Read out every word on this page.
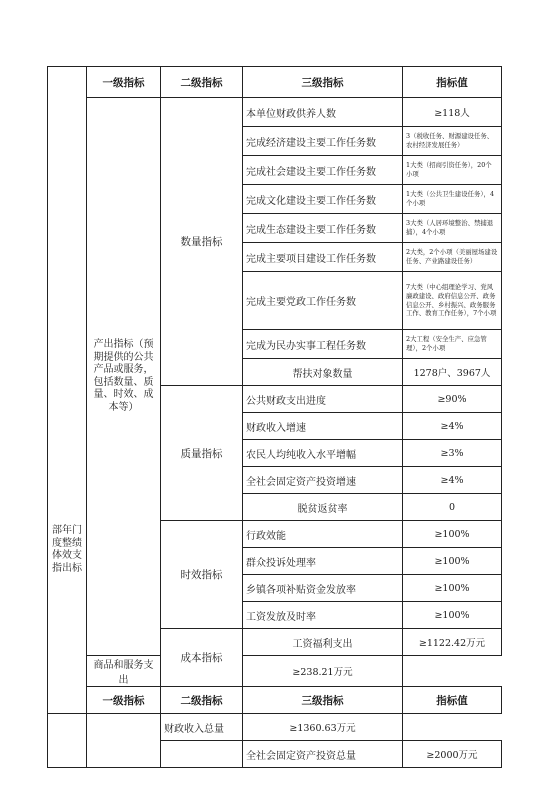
部年门度整绩体效支指出标	一级指标	二级指标	三级指标	指标值
	产出指标（预期提供的公共产品或服务，包括数量、质量、时效、成本等）	数量指标	本单位财政供养人数	≥118人
			完成经济建设主要工作任务数	3（税收任务、财源建设任务、农村经济发展任务）
			完成社会建设主要工作任务数	1大类（招商引资任务），20个小项
			完成文化建设主要工作任务数	1大类（公共卫生建设任务），4个小项
			完成生态建设主要工作任务数	3大类（人居环境整治、禁捕退捕），4个小项
			完成主要项目建设工作任务数	2大类，2个小项（美丽屋场建设任务、产业路建设任务）
			完成主要党政工作任务数	7大类（中心组理论学习、党风廉政建设、政府信息公开、政务信息公开、乡村振兴、政务服务工作、教育工作任务），7个小项
			完成为民办实事工程任务数	2大工程（安全生产、应急管理），2个小项
			帮扶对象数量	1278户、3967人
		质量指标	公共财政支出进度	≥90%
			财政收入增速	≥4%
			农民人均纯收入水平增幅	≥3%
			全社会固定资产投资增速	≥4%
			脱贫返贫率	0
		时效指标	行政效能	≥100%
			群众投诉处理率	≥100%
			乡镇各项补贴资金发放率	≥100%
			工资发放及时率	≥100%
		成本指标	工资福利支出	≥1122.42万元
	商品和服务支出		≥238.21万元	
	一级指标	二级指标	三级指标	指标值
		财政收入总量	≥1360.63万元	
			全社会固定资产投资总量	≥2000万元
